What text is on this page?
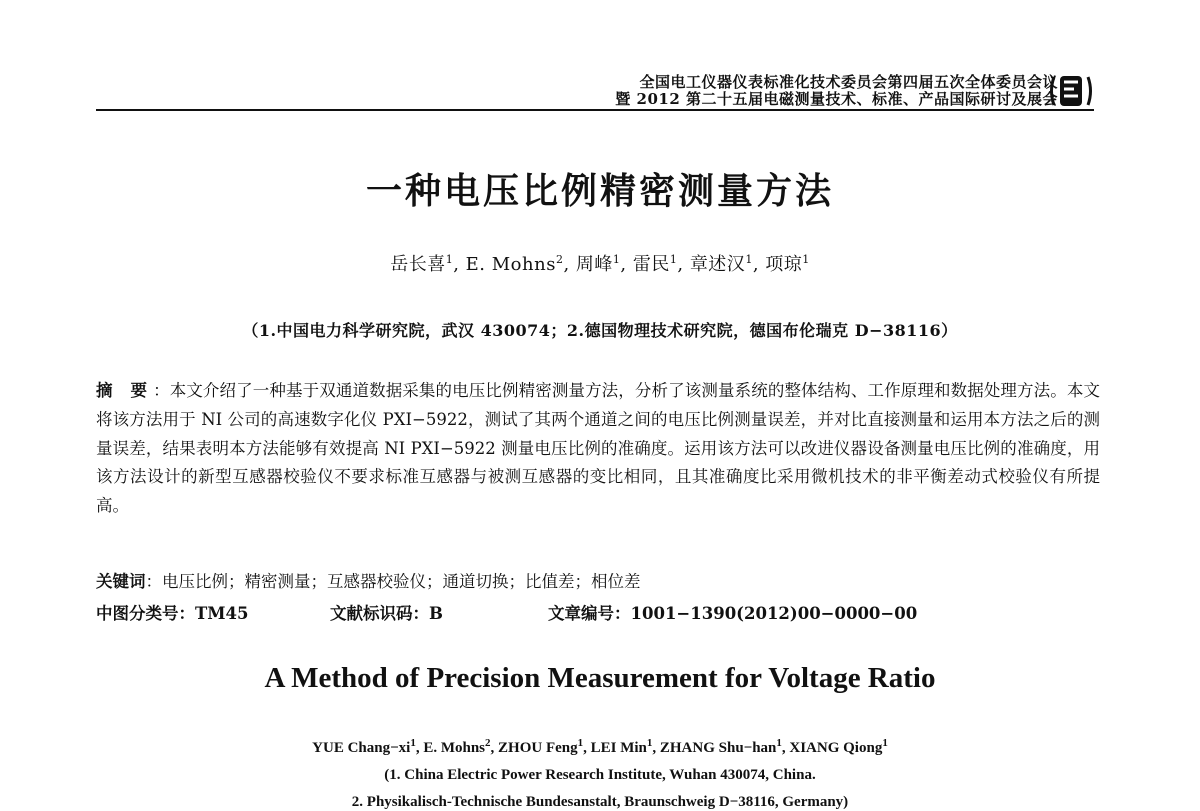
全国电工仪器仪表标准化技术委员会第四届五次全体委员会议
暨 2012 第二十五届电磁测量技术、标准、产品国际研讨及展会
一种电压比例精密测量方法
岳长喜$^1$, E. Mohns$^2$, 周峰$^1$, 雷民$^1$, 章述汉$^1$, 项琼$^1$
（1.中国电力科学研究院，武汉 430074；2.德国物理技术研究院，德国布伦瑞克 D−38116）
摘 要：本文介绍了一种基于双通道数据采集的电压比例精密测量方法，分析了该测量系统的整体结构、工作原理和数据处理方法。本文将该方法用于 NI 公司的高速数字化仪 PXI−5922，测试了其两个通道之间的电压比例测量误差，并对比直接测量和运用本方法之后的测量误差，结果表明本方法能够有效提高 NI PXI−5922 测量电压比例的准确度。运用该方法可以改进仪器设备测量电压比例的准确度，用该方法设计的新型互感器校验仪不要求标准互感器与被测互感器的变比相同，且其准确度比采用微机技术的非平衡差动式校验仪有所提高。
关键词：电压比例；精密测量；互感器校验仪；通道切换；比值差；相位差
中图分类号：TM45	文献标识码：B	文章编号：1001−1390(2012)00−0000−00
A Method of Precision Measurement for Voltage Ratio
YUE $Chang-xi^1$, E. Mohns$^2$, ZHOU Feng$^1$, LEI Min$^1$, ZHANG Shu−han$^1$, XIANG Qiong$^1$
(1. China Electric Power Research Institute, Wuhan 430074, China.
2. Physikalisch-Technische Bundesanstalt, Braunschweig D−38116, Germany)
